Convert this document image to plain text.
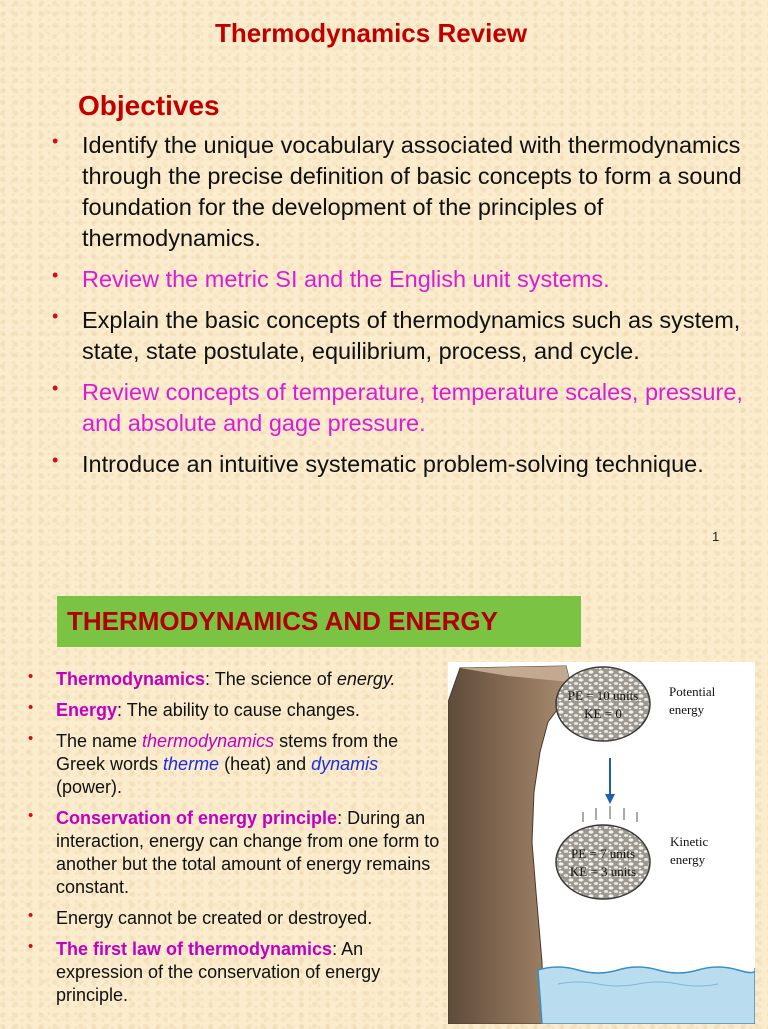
Thermodynamics Review
Objectives
• Identify the unique vocabulary associated with thermodynamics through the precise definition of basic concepts to form a sound foundation for the development of the principles of thermodynamics.
• Review the metric SI and the English unit systems.
• Explain the basic concepts of thermodynamics such as system, state, state postulate, equilibrium, process, and cycle.
• Review concepts of temperature, temperature scales, pressure, and absolute and gage pressure.
• Introduce an intuitive systematic problem-solving technique.
1
THERMODYNAMICS AND ENERGY
• Thermodynamics: The science of energy.
• Energy: The ability to cause changes.
• The name thermodynamics stems from the Greek words therme (heat) and dynamis (power).
• Conservation of energy principle: During an interaction, energy can change from one form to another but the total amount of energy remains constant.
• Energy cannot be created or destroyed.
• The first law of thermodynamics: An expression of the conservation of energy principle.
PE = 10 units
KE = 0
Potential
energy
PE = 7 units
KE = 3 units
Kinetic
energy
